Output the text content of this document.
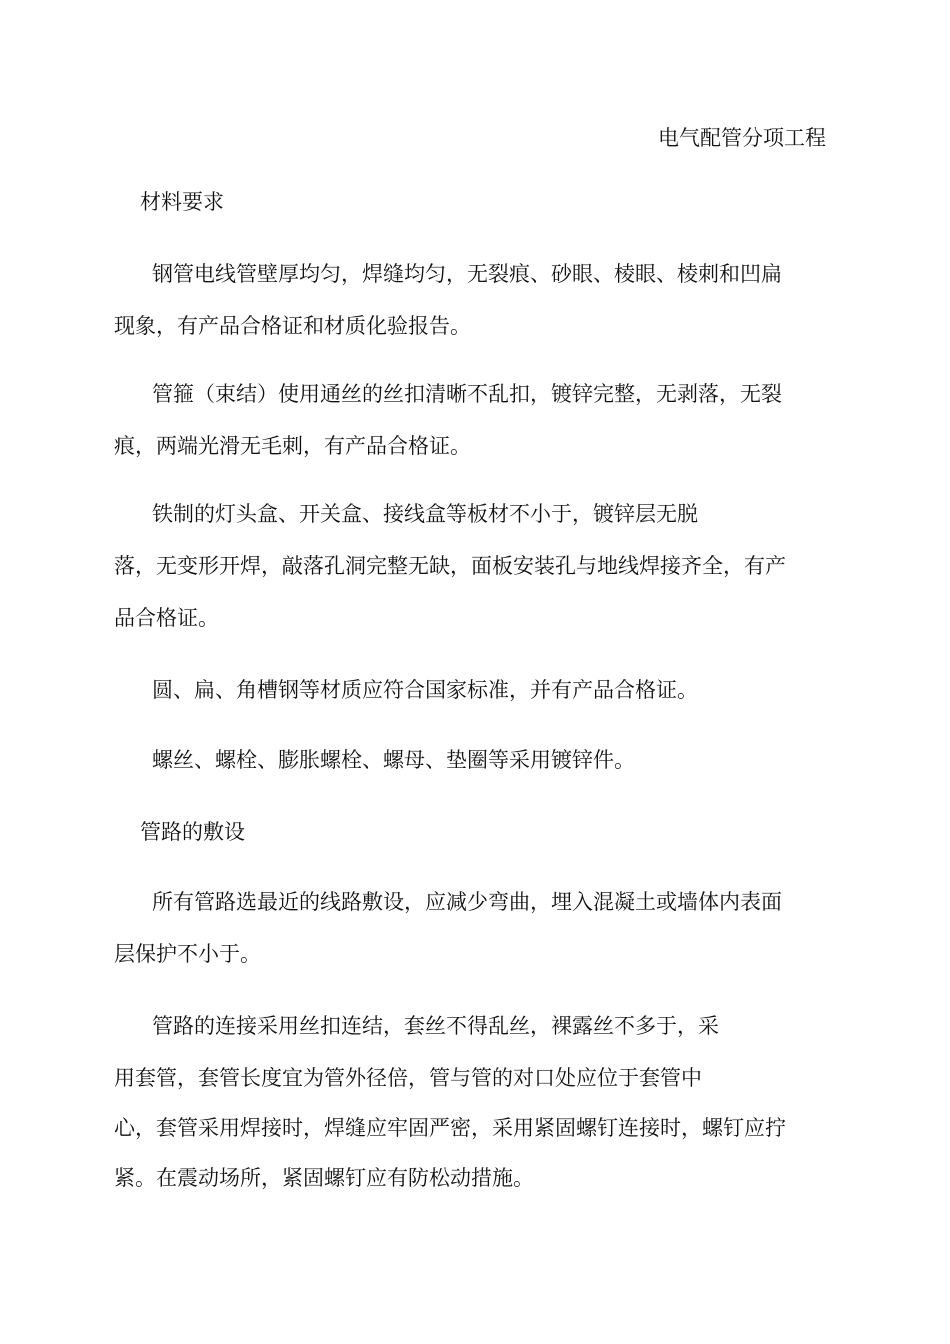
电气配管分项工程
材料要求
钢管电线管壁厚均匀，焊缝均匀，无裂痕、砂眼、棱眼、棱刺和凹扁
现象，有产品合格证和材质化验报告。
管箍（束结）使用通丝的丝扣清晰不乱扣，镀锌完整，无剥落，无裂
痕，两端光滑无毛刺，有产品合格证。
铁制的灯头盒、开关盒、接线盒等板材不小于，镀锌层无脱
落，无变形开焊，敲落孔洞完整无缺，面板安装孔与地线焊接齐全，有产
品合格证。
圆、扁、角槽钢等材质应符合国家标准，并有产品合格证。
螺丝、螺栓、膨胀螺栓、螺母、垫圈等采用镀锌件。
管路的敷设
所有管路选最近的线路敷设，应减少弯曲，埋入混凝土或墙体内表面
层保护不小于。
管路的连接采用丝扣连结，套丝不得乱丝，裸露丝不多于，采
用套管，套管长度宜为管外径倍，管与管的对口处应位于套管中
心，套管采用焊接时，焊缝应牢固严密，采用紧固螺钉连接时，螺钉应拧
紧。在震动场所，紧固螺钉应有防松动措施。
